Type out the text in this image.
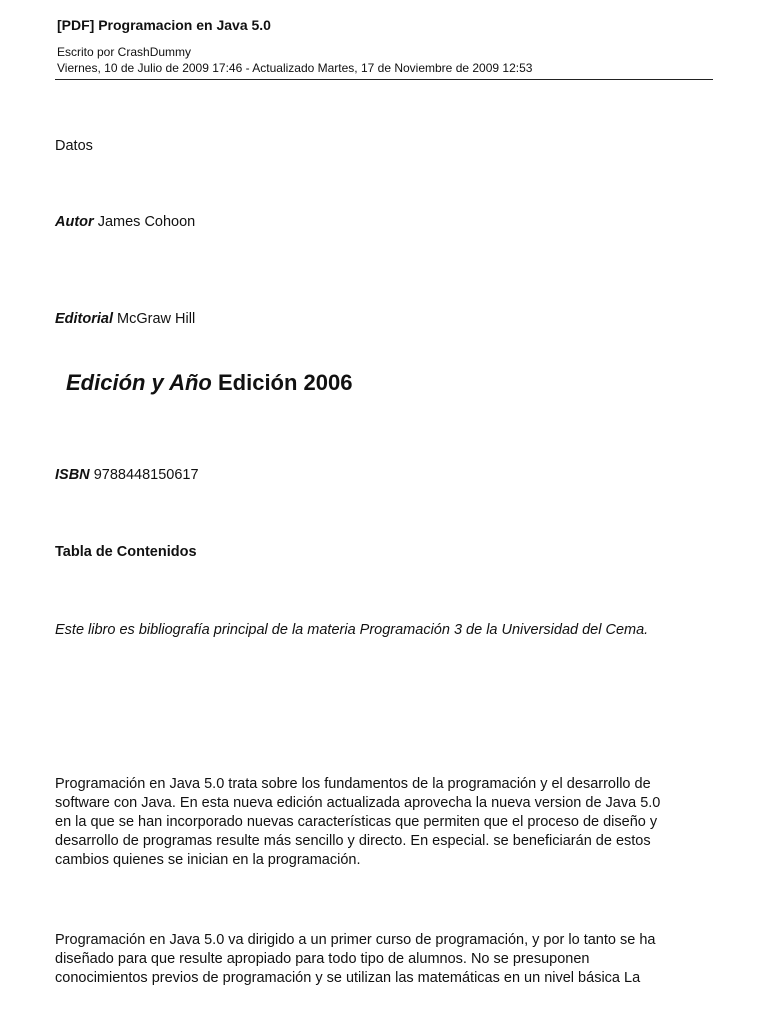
[PDF] Programacion en Java 5.0
Escrito por CrashDummy
Viernes, 10 de Julio de 2009 17:46 - Actualizado Martes, 17 de Noviembre de 2009 12:53

Datos

Autor James Cohoon

Editorial McGraw Hill

Edición y Año Edición 2006

ISBN 9788448150617

Tabla de Contenidos

Este libro es bibliografía principal de la materia Programación 3 de la Universidad del Cema.

Programación en Java 5.0 trata sobre los fundamentos de la programación y el desarrollo de
software con Java. En esta nueva edición actualizada aprovecha la nueva version de Java 5.0
en la que se han incorporado nuevas características que permiten que el proceso de diseño y
desarrollo de programas resulte más sencillo y directo. En especial. se beneficiarán de estos
cambios quienes se inician en la programación.
Programación en Java 5.0 va dirigido a un primer curso de programación, y por lo tanto se ha
diseñado para que resulte apropiado para todo tipo de alumnos. No se presuponen
conocimientos previos de programación y se utilizan las matemáticas en un nivel básica La
